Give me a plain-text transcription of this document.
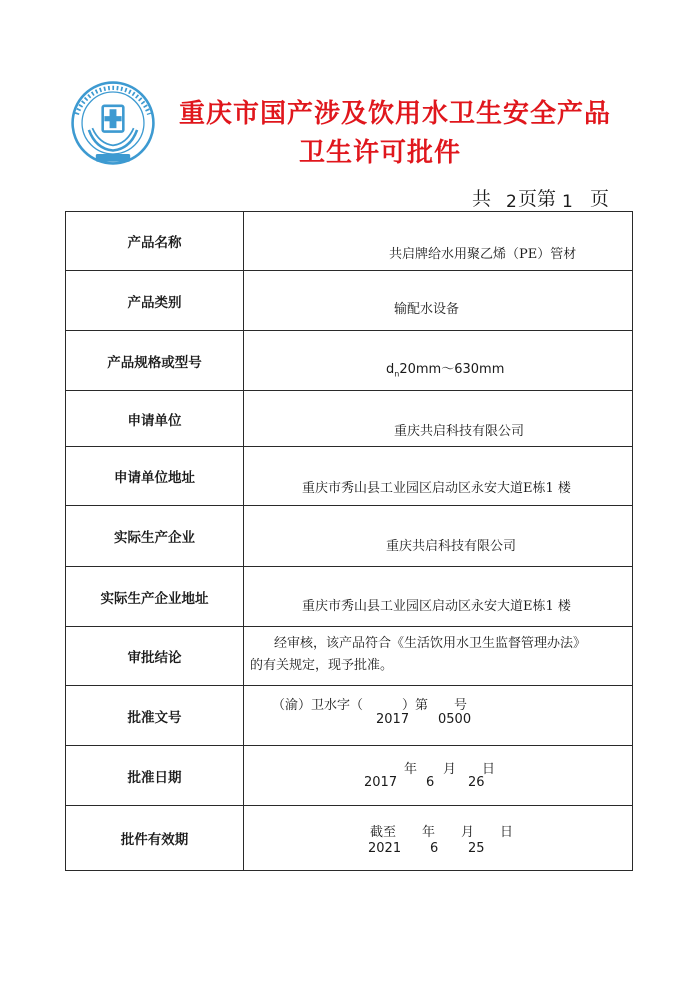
重庆市国产涉及饮用水卫生安全产品
卫生许可批件
共 2 页第 1 页
产品名称	共启牌给水用聚乙烯（PE）管材

产品类别	输配水设备

产品规格或型号	$d_n20mm\sim 630mm$

申请单位	重庆共启科技有限公司

申请单位地址	重庆市秀山县工业园区启动区永安大道E栋1 楼

实际生产企业	重庆共启科技有限公司

实际生产企业地址	重庆市秀山县工业园区启动区永安大道E栋1 楼

审批结论	经审核，该产品符合《生活饮用水卫生监督管理办法》
的有关规定，现予批准。

批准文号	（渝）卫水字（　　　）第　　号
2017 0500

批准日期	年　　月　　日
2017 6 26

批件有效期	截至　　年　　月　　日
2021 6 25
